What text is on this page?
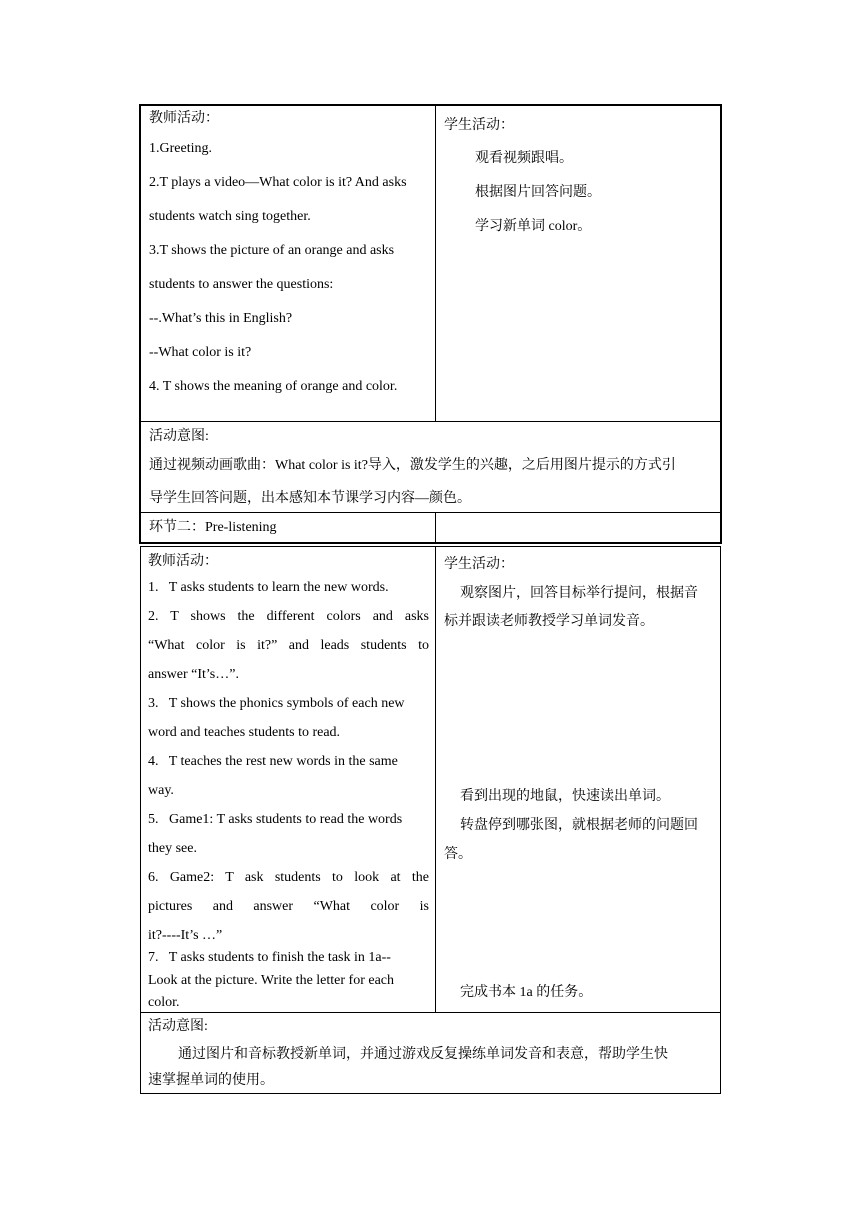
教师活动：

1.Greeting.

2.T plays a video—What color is it? And asks

students watch sing together.

3.T shows the picture of an orange and asks

students to answer the questions:

--.What’s this in English?

--What color is it?

4. T shows the meaning of orange and color.

学生活动：

观看视频跟唱。

根据图片回答问题。

学习新单词 color。

活动意图:

通过视频动画歌曲：What color is it?导入，激发学生的兴趣，之后用图片提示的方式引

导学生回答问题，出本感知本节课学习内容—颜色。

环节二：Pre-listening

教师活动：

1.   T asks students to learn the new words.

2. T shows the different colors and asks

“What color is it?” and leads students to

answer “It’s…”.

3.   T shows the phonics symbols of each new

word and teaches students to read.

4.   T teaches the rest new words in the same

way.

5.   Game1: T asks students to read the words

they see.

6. Game2: T ask students to look at the

pictures and answer “What color is

it?----It’s …”

7.   T asks students to finish the task in 1a--

Look at the picture. Write the letter for each

color.

学生活动：

观察图片，回答目标举行提问，根据音

标并跟读老师教授学习单词发音。

看到出现的地鼠，快速读出单词。

转盘停到哪张图，就根据老师的问题回

答。

完成书本 1a 的任务。

活动意图:

通过图片和音标教授新单词，并通过游戏反复操练单词发音和表意，帮助学生快

速掌握单词的使用。
